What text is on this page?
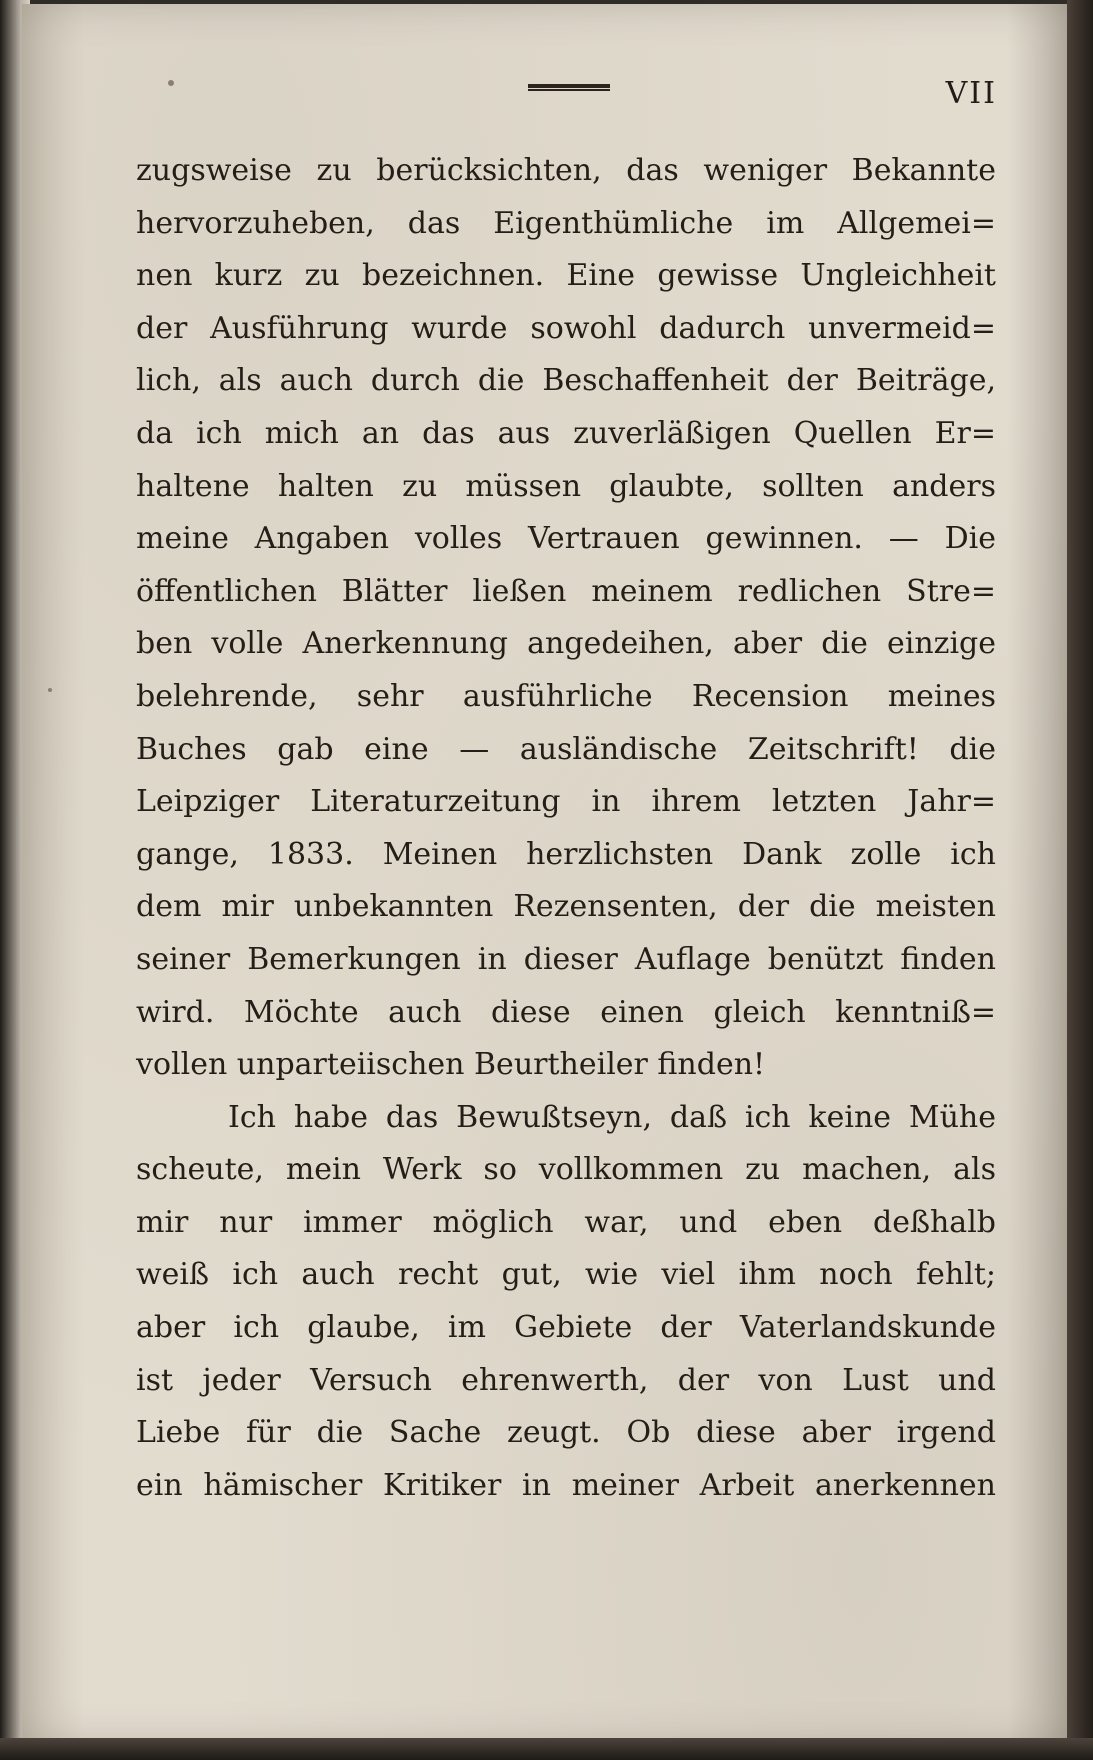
VII
zugsweise zu berücksichten, das weniger Bekannte
hervorzuheben, das Eigenthümliche im Allgemei=
nen kurz zu bezeichnen. Eine gewisse Ungleichheit
der Ausführung wurde sowohl dadurch unvermeid=
lich, als auch durch die Beschaffenheit der Beiträge,
da ich mich an das aus zuverläßigen Quellen Er=
haltene halten zu müssen glaubte, sollten anders
meine Angaben volles Vertrauen gewinnen. — Die
öffentlichen Blätter ließen meinem redlichen Stre=
ben volle Anerkennung angedeihen, aber die einzige
belehrende, sehr ausführliche Recension meines
Buches gab eine — ausländische Zeitschrift! die
Leipziger Literaturzeitung in ihrem letzten Jahr=
gange, 1833. Meinen herzlichsten Dank zolle ich
dem mir unbekannten Rezensenten, der die meisten
seiner Bemerkungen in dieser Auflage benützt finden
wird. Möchte auch diese einen gleich kenntniß=
vollen unparteiischen Beurtheiler finden!
Ich habe das Bewußtseyn, daß ich keine Mühe
scheute, mein Werk so vollkommen zu machen, als
mir nur immer möglich war, und eben deßhalb
weiß ich auch recht gut, wie viel ihm noch fehlt;
aber ich glaube, im Gebiete der Vaterlandskunde
ist jeder Versuch ehrenwerth, der von Lust und
Liebe für die Sache zeugt. Ob diese aber irgend
ein hämischer Kritiker in meiner Arbeit anerkennen
